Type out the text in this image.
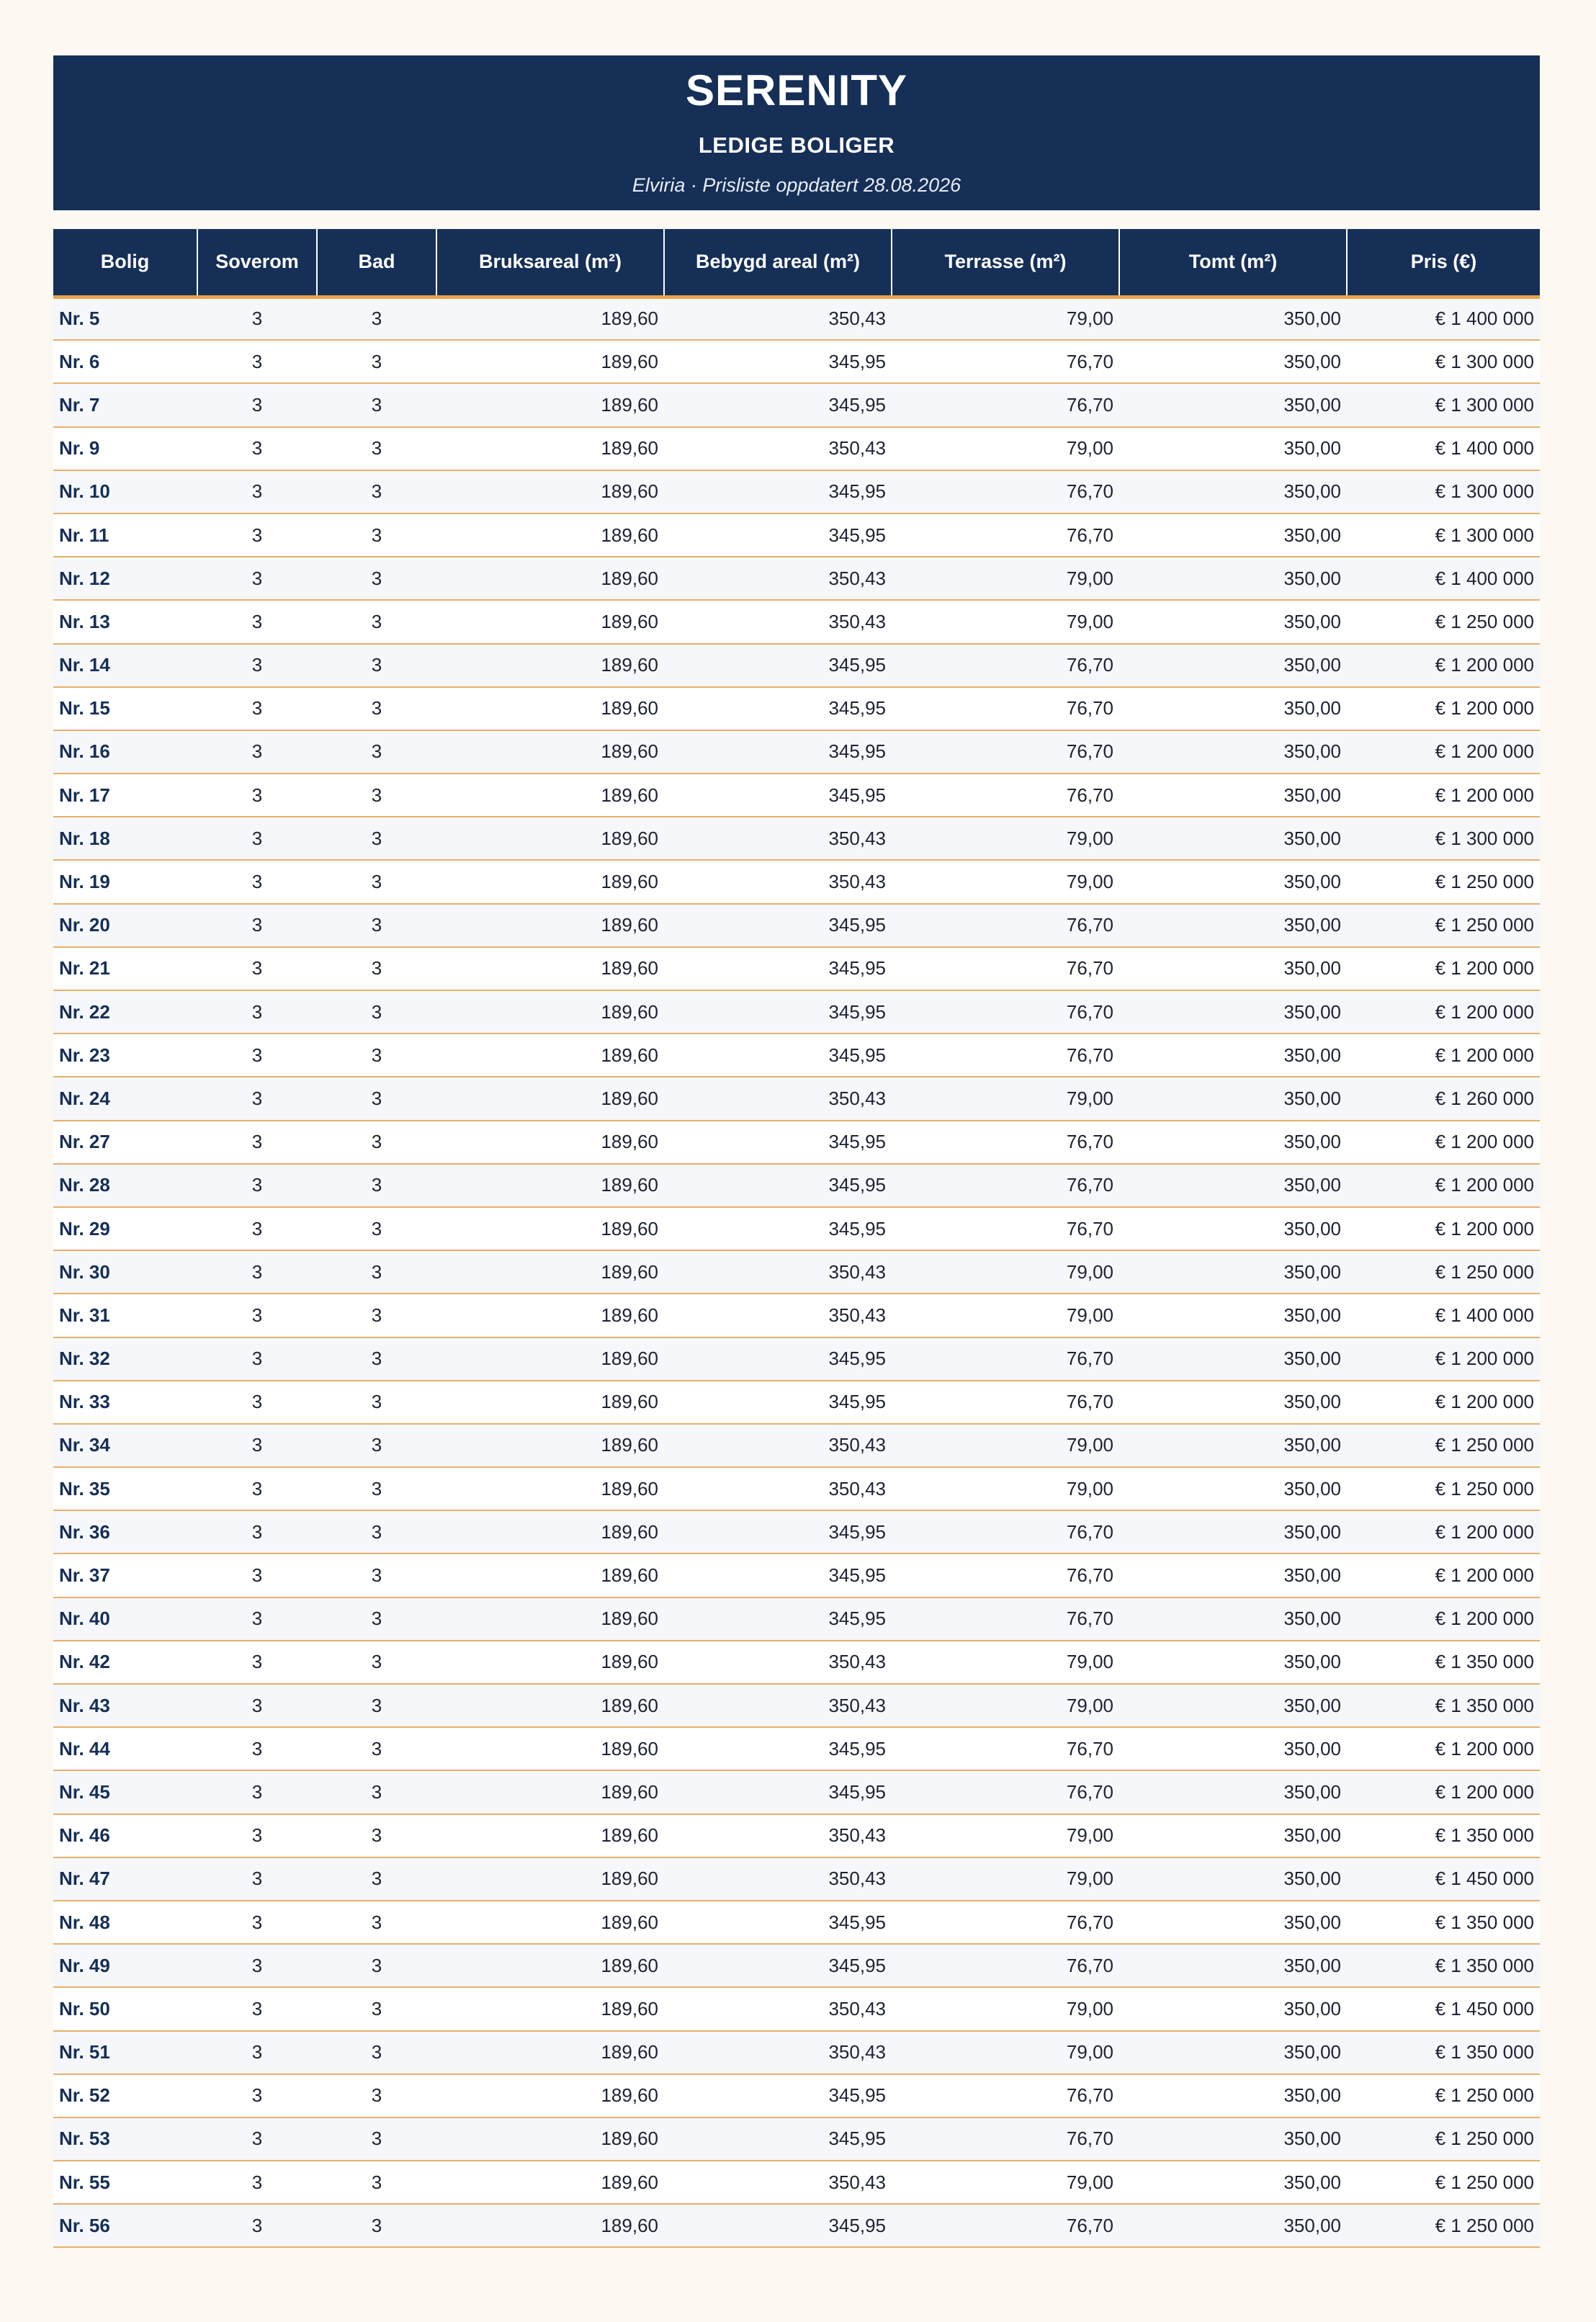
SERENITY
LEDIGE BOLIGER
Elviria · Prisliste oppdatert 28.08.2026
Bolig	Soverom	Bad	Bruksareal (m²)	Bebygd areal (m²)	Terrasse (m²)	Tomt (m²)	Pris (€)
Nr. 5	3	3	189,60	350,43	79,00	350,00	€ 1 400 000
Nr. 6	3	3	189,60	345,95	76,70	350,00	€ 1 300 000
Nr. 7	3	3	189,60	345,95	76,70	350,00	€ 1 300 000
Nr. 9	3	3	189,60	350,43	79,00	350,00	€ 1 400 000
Nr. 10	3	3	189,60	345,95	76,70	350,00	€ 1 300 000
Nr. 11	3	3	189,60	345,95	76,70	350,00	€ 1 300 000
Nr. 12	3	3	189,60	350,43	79,00	350,00	€ 1 400 000
Nr. 13	3	3	189,60	350,43	79,00	350,00	€ 1 250 000
Nr. 14	3	3	189,60	345,95	76,70	350,00	€ 1 200 000
Nr. 15	3	3	189,60	345,95	76,70	350,00	€ 1 200 000
Nr. 16	3	3	189,60	345,95	76,70	350,00	€ 1 200 000
Nr. 17	3	3	189,60	345,95	76,70	350,00	€ 1 200 000
Nr. 18	3	3	189,60	350,43	79,00	350,00	€ 1 300 000
Nr. 19	3	3	189,60	350,43	79,00	350,00	€ 1 250 000
Nr. 20	3	3	189,60	345,95	76,70	350,00	€ 1 250 000
Nr. 21	3	3	189,60	345,95	76,70	350,00	€ 1 200 000
Nr. 22	3	3	189,60	345,95	76,70	350,00	€ 1 200 000
Nr. 23	3	3	189,60	345,95	76,70	350,00	€ 1 200 000
Nr. 24	3	3	189,60	350,43	79,00	350,00	€ 1 260 000
Nr. 27	3	3	189,60	345,95	76,70	350,00	€ 1 200 000
Nr. 28	3	3	189,60	345,95	76,70	350,00	€ 1 200 000
Nr. 29	3	3	189,60	345,95	76,70	350,00	€ 1 200 000
Nr. 30	3	3	189,60	350,43	79,00	350,00	€ 1 250 000
Nr. 31	3	3	189,60	350,43	79,00	350,00	€ 1 400 000
Nr. 32	3	3	189,60	345,95	76,70	350,00	€ 1 200 000
Nr. 33	3	3	189,60	345,95	76,70	350,00	€ 1 200 000
Nr. 34	3	3	189,60	350,43	79,00	350,00	€ 1 250 000
Nr. 35	3	3	189,60	350,43	79,00	350,00	€ 1 250 000
Nr. 36	3	3	189,60	345,95	76,70	350,00	€ 1 200 000
Nr. 37	3	3	189,60	345,95	76,70	350,00	€ 1 200 000
Nr. 40	3	3	189,60	345,95	76,70	350,00	€ 1 200 000
Nr. 42	3	3	189,60	350,43	79,00	350,00	€ 1 350 000
Nr. 43	3	3	189,60	350,43	79,00	350,00	€ 1 350 000
Nr. 44	3	3	189,60	345,95	76,70	350,00	€ 1 200 000
Nr. 45	3	3	189,60	345,95	76,70	350,00	€ 1 200 000
Nr. 46	3	3	189,60	350,43	79,00	350,00	€ 1 350 000
Nr. 47	3	3	189,60	350,43	79,00	350,00	€ 1 450 000
Nr. 48	3	3	189,60	345,95	76,70	350,00	€ 1 350 000
Nr. 49	3	3	189,60	345,95	76,70	350,00	€ 1 350 000
Nr. 50	3	3	189,60	350,43	79,00	350,00	€ 1 450 000
Nr. 51	3	3	189,60	350,43	79,00	350,00	€ 1 350 000
Nr. 52	3	3	189,60	345,95	76,70	350,00	€ 1 250 000
Nr. 53	3	3	189,60	345,95	76,70	350,00	€ 1 250 000
Nr. 55	3	3	189,60	350,43	79,00	350,00	€ 1 250 000
Nr. 56	3	3	189,60	345,95	76,70	350,00	€ 1 250 000
